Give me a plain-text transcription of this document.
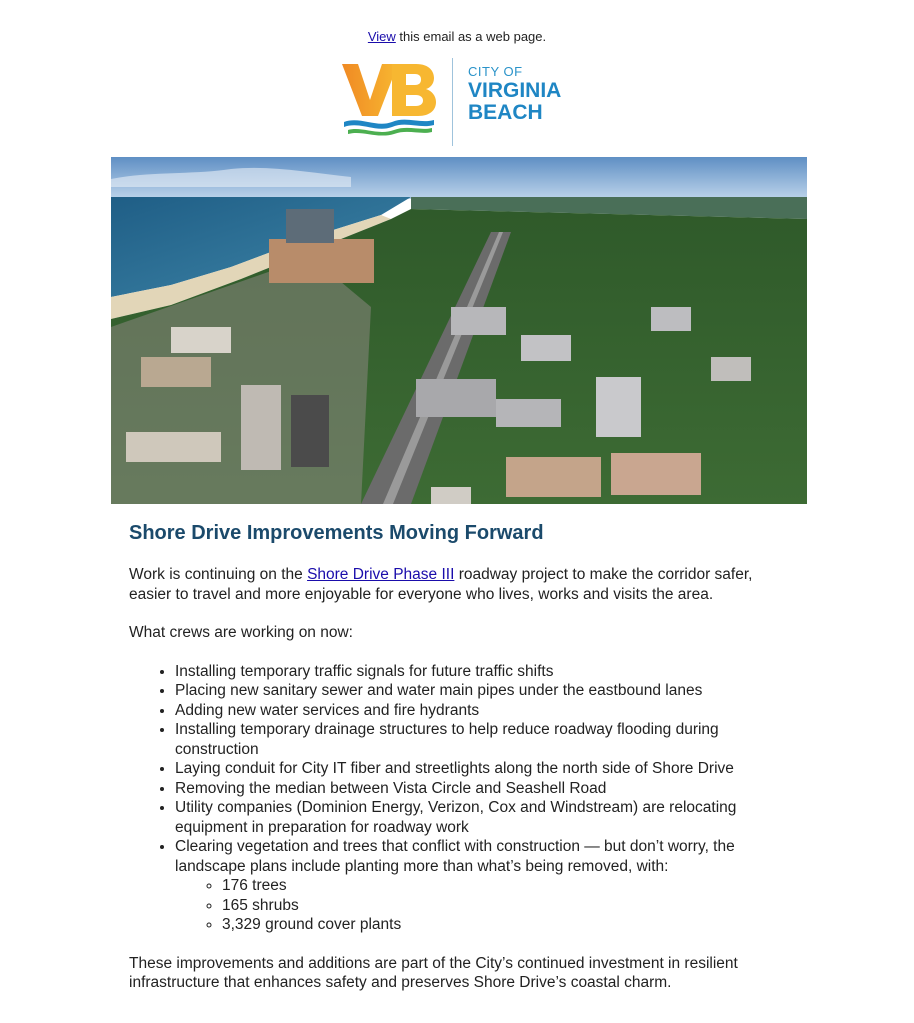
View this email as a web page.
CITY OF
VIRGINIA
BEACH
Shore Drive Improvements Moving Forward

Work is continuing on the Shore Drive Phase III roadway project to make the corridor safer, easier to travel and more enjoyable for everyone who lives, works and visits the area.

What crews are working on now:

• Installing temporary traffic signals for future traffic shifts
• Placing new sanitary sewer and water main pipes under the eastbound lanes
• Adding new water services and fire hydrants
• Installing temporary drainage structures to help reduce roadway flooding during construction
• Laying conduit for City IT fiber and streetlights along the north side of Shore Drive
• Removing the median between Vista Circle and Seashell Road
• Utility companies (Dominion Energy, Verizon, Cox and Windstream) are relocating equipment in preparation for roadway work
• Clearing vegetation and trees that conflict with construction — but don’t worry, the landscape plans include planting more than what’s being removed, with:
◦ 176 trees
◦ 165 shrubs
◦ 3,329 ground cover plants

These improvements and additions are part of the City’s continued investment in resilient infrastructure that enhances safety and preserves Shore Drive’s coastal charm.
